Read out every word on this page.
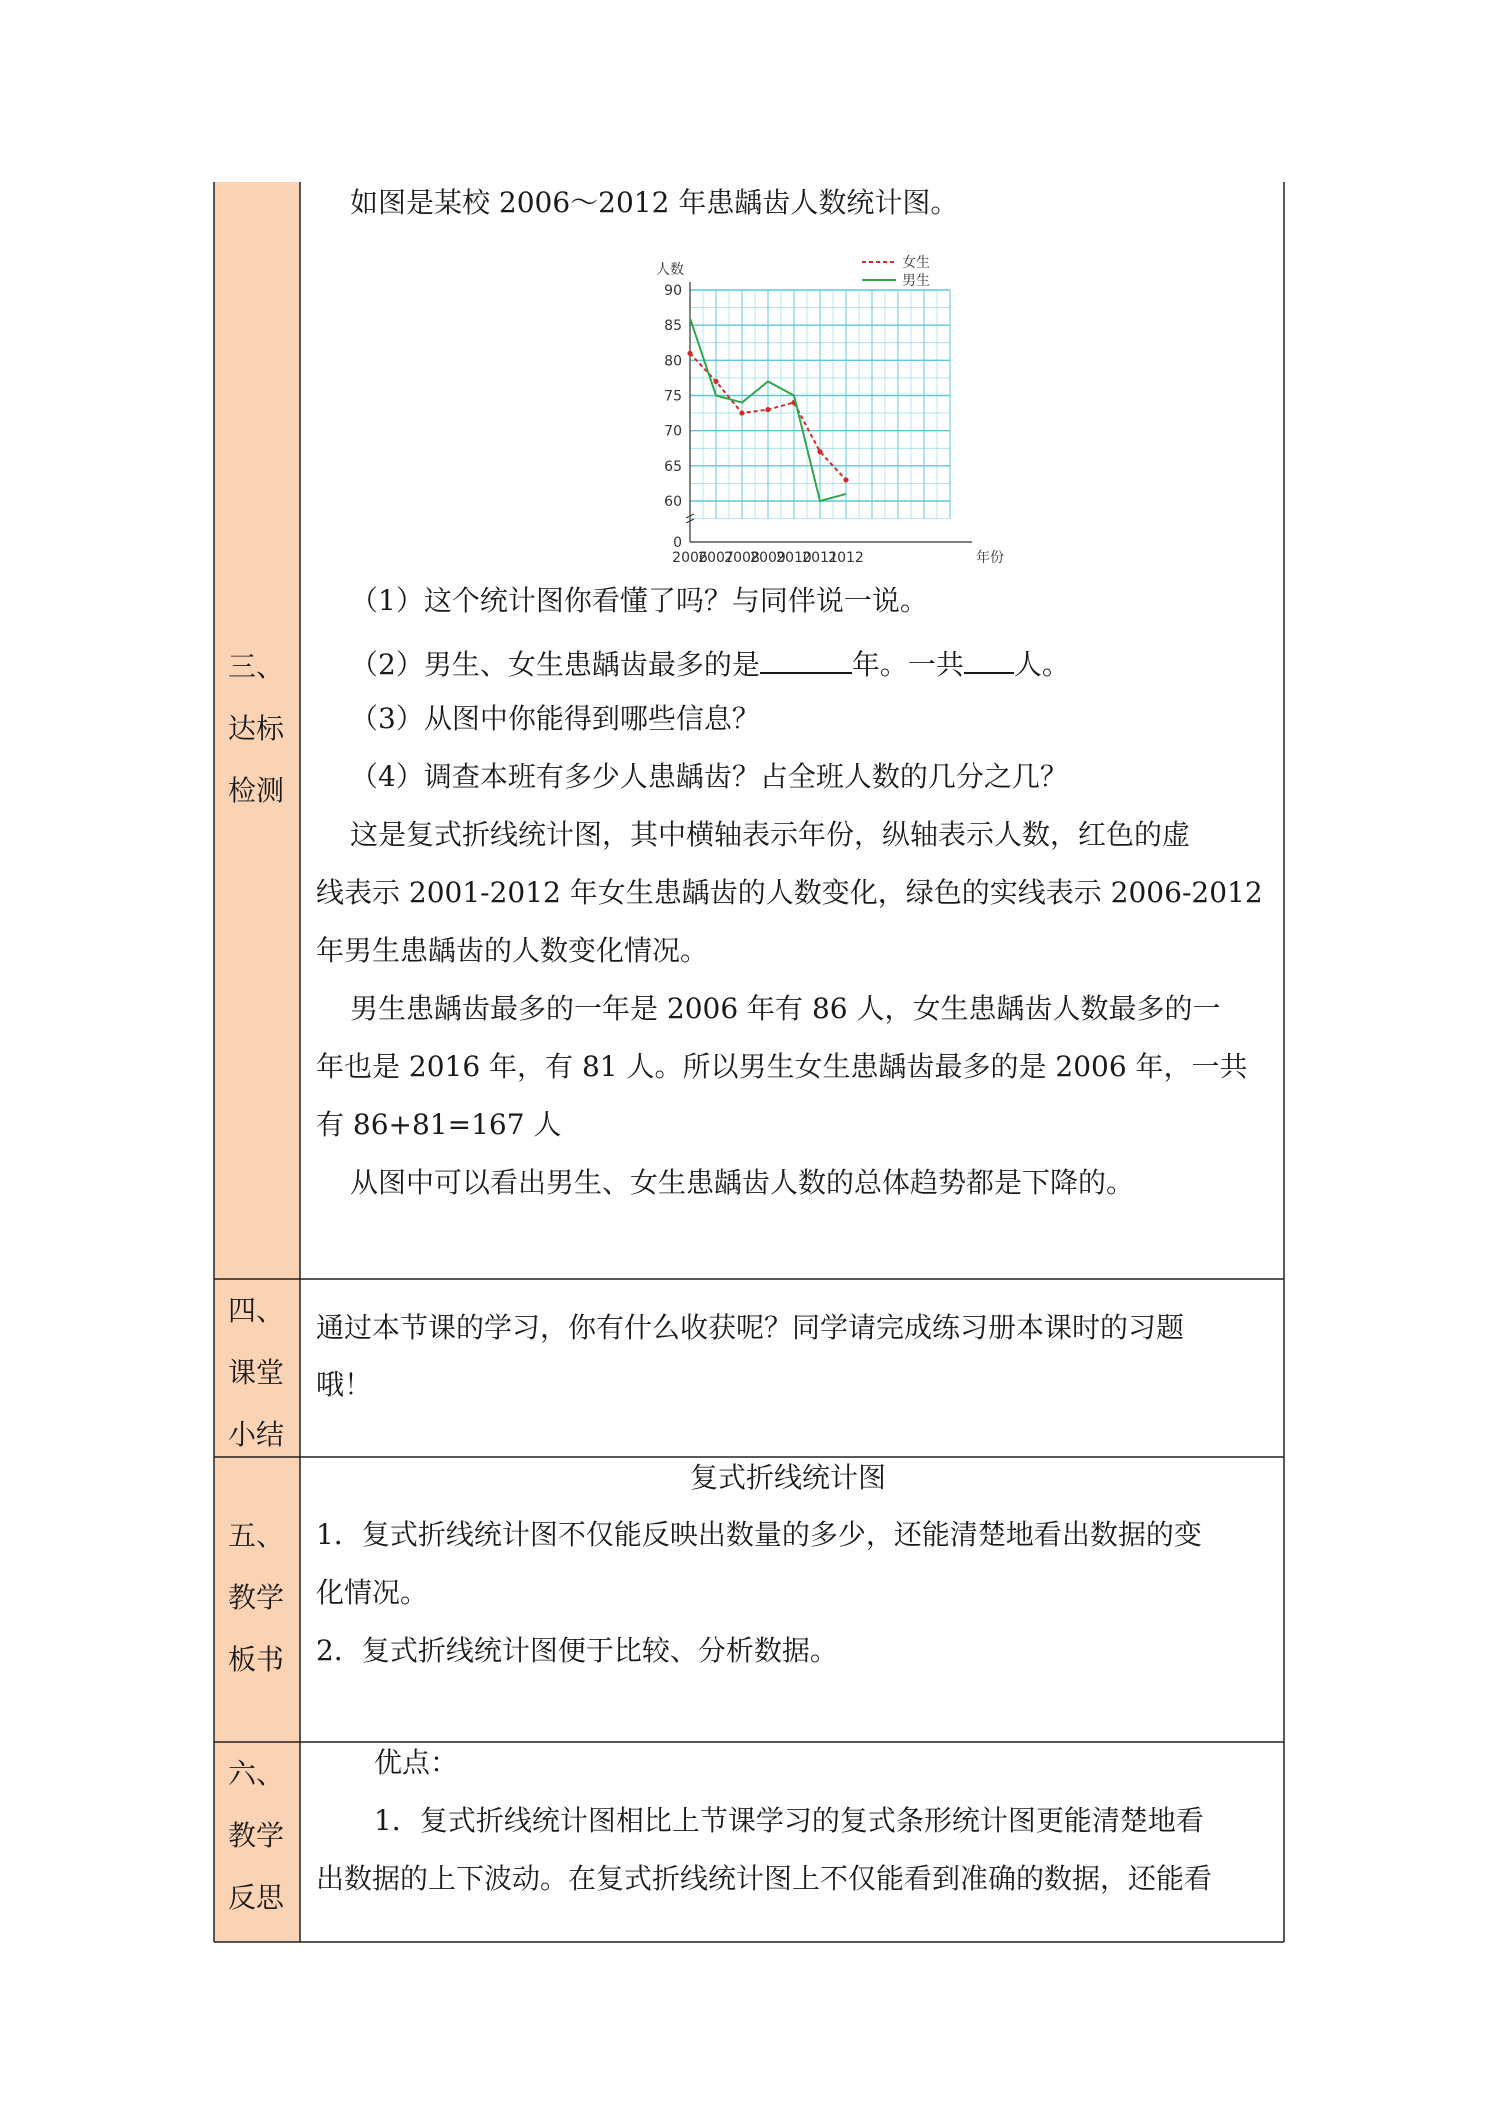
三、
达标
检测
四、
课堂
小结
五、
教学
板书
六、
教学
反思
如图是某校 2006～2012 年患龋齿人数统计图。
0
60
65
70
75
80
85
90
人数
2006
2007
2008
2009
2010
2011
2012	年份
女生
男生
（1）这个统计图你看懂了吗？与同伴说一说。
（2）男生、女生患龋齿最多的是	年。一共 人。
（3）从图中你能得到哪些信息？
（4）调查本班有多少人患龋齿？占全班人数的几分之几？
这是复式折线统计图，其中横轴表示年份，纵轴表示人数，红色的虚
线表示 2001-2012 年女生患龋齿的人数变化，绿色的实线表示 2006-2012
年男生患龋齿的人数变化情况。
男生患龋齿最多的一年是 2006 年有 86 人，女生患龋齿人数最多的一
年也是 2016 年，有 81 人。所以男生女生患龋齿最多的是 2006 年，一共
有 86+81=167 人
从图中可以看出男生、女生患龋齿人数的总体趋势都是下降的。
通过本节课的学习，你有什么收获呢？同学请完成练习册本课时的习题
哦！
复式折线统计图
1．复式折线统计图不仅能反映出数量的多少，还能清楚地看出数据的变
化情况。
2．复式折线统计图便于比较、分析数据。
优点：
1．复式折线统计图相比上节课学习的复式条形统计图更能清楚地看
出数据的上下波动。在复式折线统计图上不仅能看到准确的数据，还能看
